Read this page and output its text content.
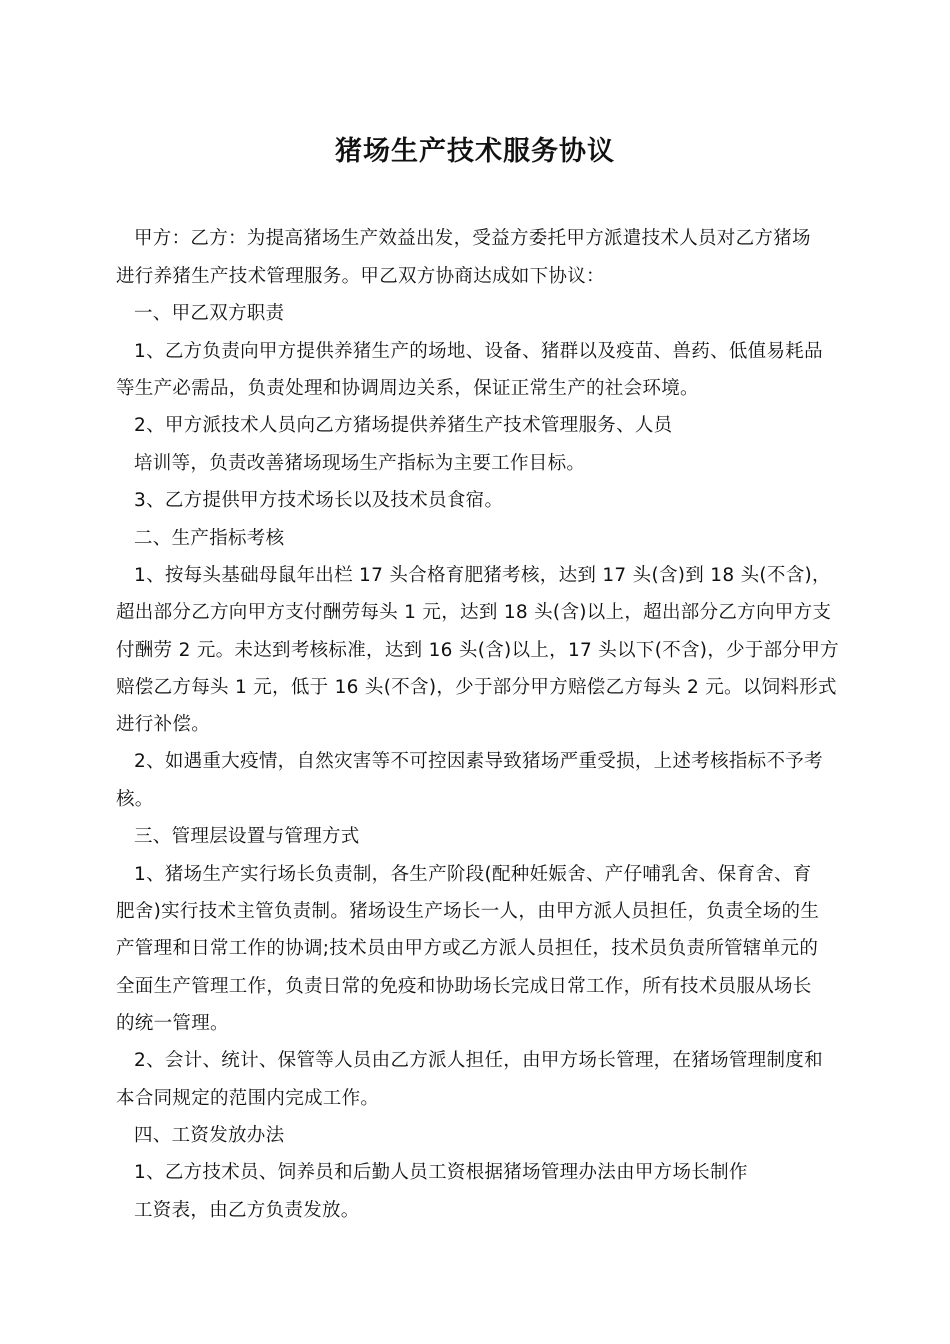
猪场生产技术服务协议
甲方：乙方：为提高猪场生产效益出发，受益方委托甲方派遣技术人员对乙方猪场
进行养猪生产技术管理服务。甲乙双方协商达成如下协议：
一、甲乙双方职责
1、乙方负责向甲方提供养猪生产的场地、设备、猪群以及疫苗、兽药、低值易耗品
等生产必需品，负责处理和协调周边关系，保证正常生产的社会环境。
2、甲方派技术人员向乙方猪场提供养猪生产技术管理服务、人员
培训等，负责改善猪场现场生产指标为主要工作目标。
3、乙方提供甲方技术场长以及技术员食宿。
二、生产指标考核
1、按每头基础母鼠年出栏 17 头合格育肥猪考核，达到 17 头(含)到 18 头(不含)，
超出部分乙方向甲方支付酬劳每头 1 元，达到 18 头(含)以上，超出部分乙方向甲方支
付酬劳 2 元。未达到考核标准，达到 16 头(含)以上，17 头以下(不含)，少于部分甲方
赔偿乙方每头 1 元，低于 16 头(不含)，少于部分甲方赔偿乙方每头 2 元。以饲料形式
进行补偿。
2、如遇重大疫情，自然灾害等不可控因素导致猪场严重受损，上述考核指标不予考
核。
三、管理层设置与管理方式
1、猪场生产实行场长负责制，各生产阶段(配种妊娠舍、产仔哺乳舍、保育舍、育
肥舍)实行技术主管负责制。猪场设生产场长一人，由甲方派人员担任，负责全场的生
产管理和日常工作的协调;技术员由甲方或乙方派人员担任，技术员负责所管辖单元的
全面生产管理工作，负责日常的免疫和协助场长完成日常工作，所有技术员服从场长
的统一管理。
2、会计、统计、保管等人员由乙方派人担任，由甲方场长管理，在猪场管理制度和
本合同规定的范围内完成工作。
四、工资发放办法
1、乙方技术员、饲养员和后勤人员工资根据猪场管理办法由甲方场长制作
工资表，由乙方负责发放。
